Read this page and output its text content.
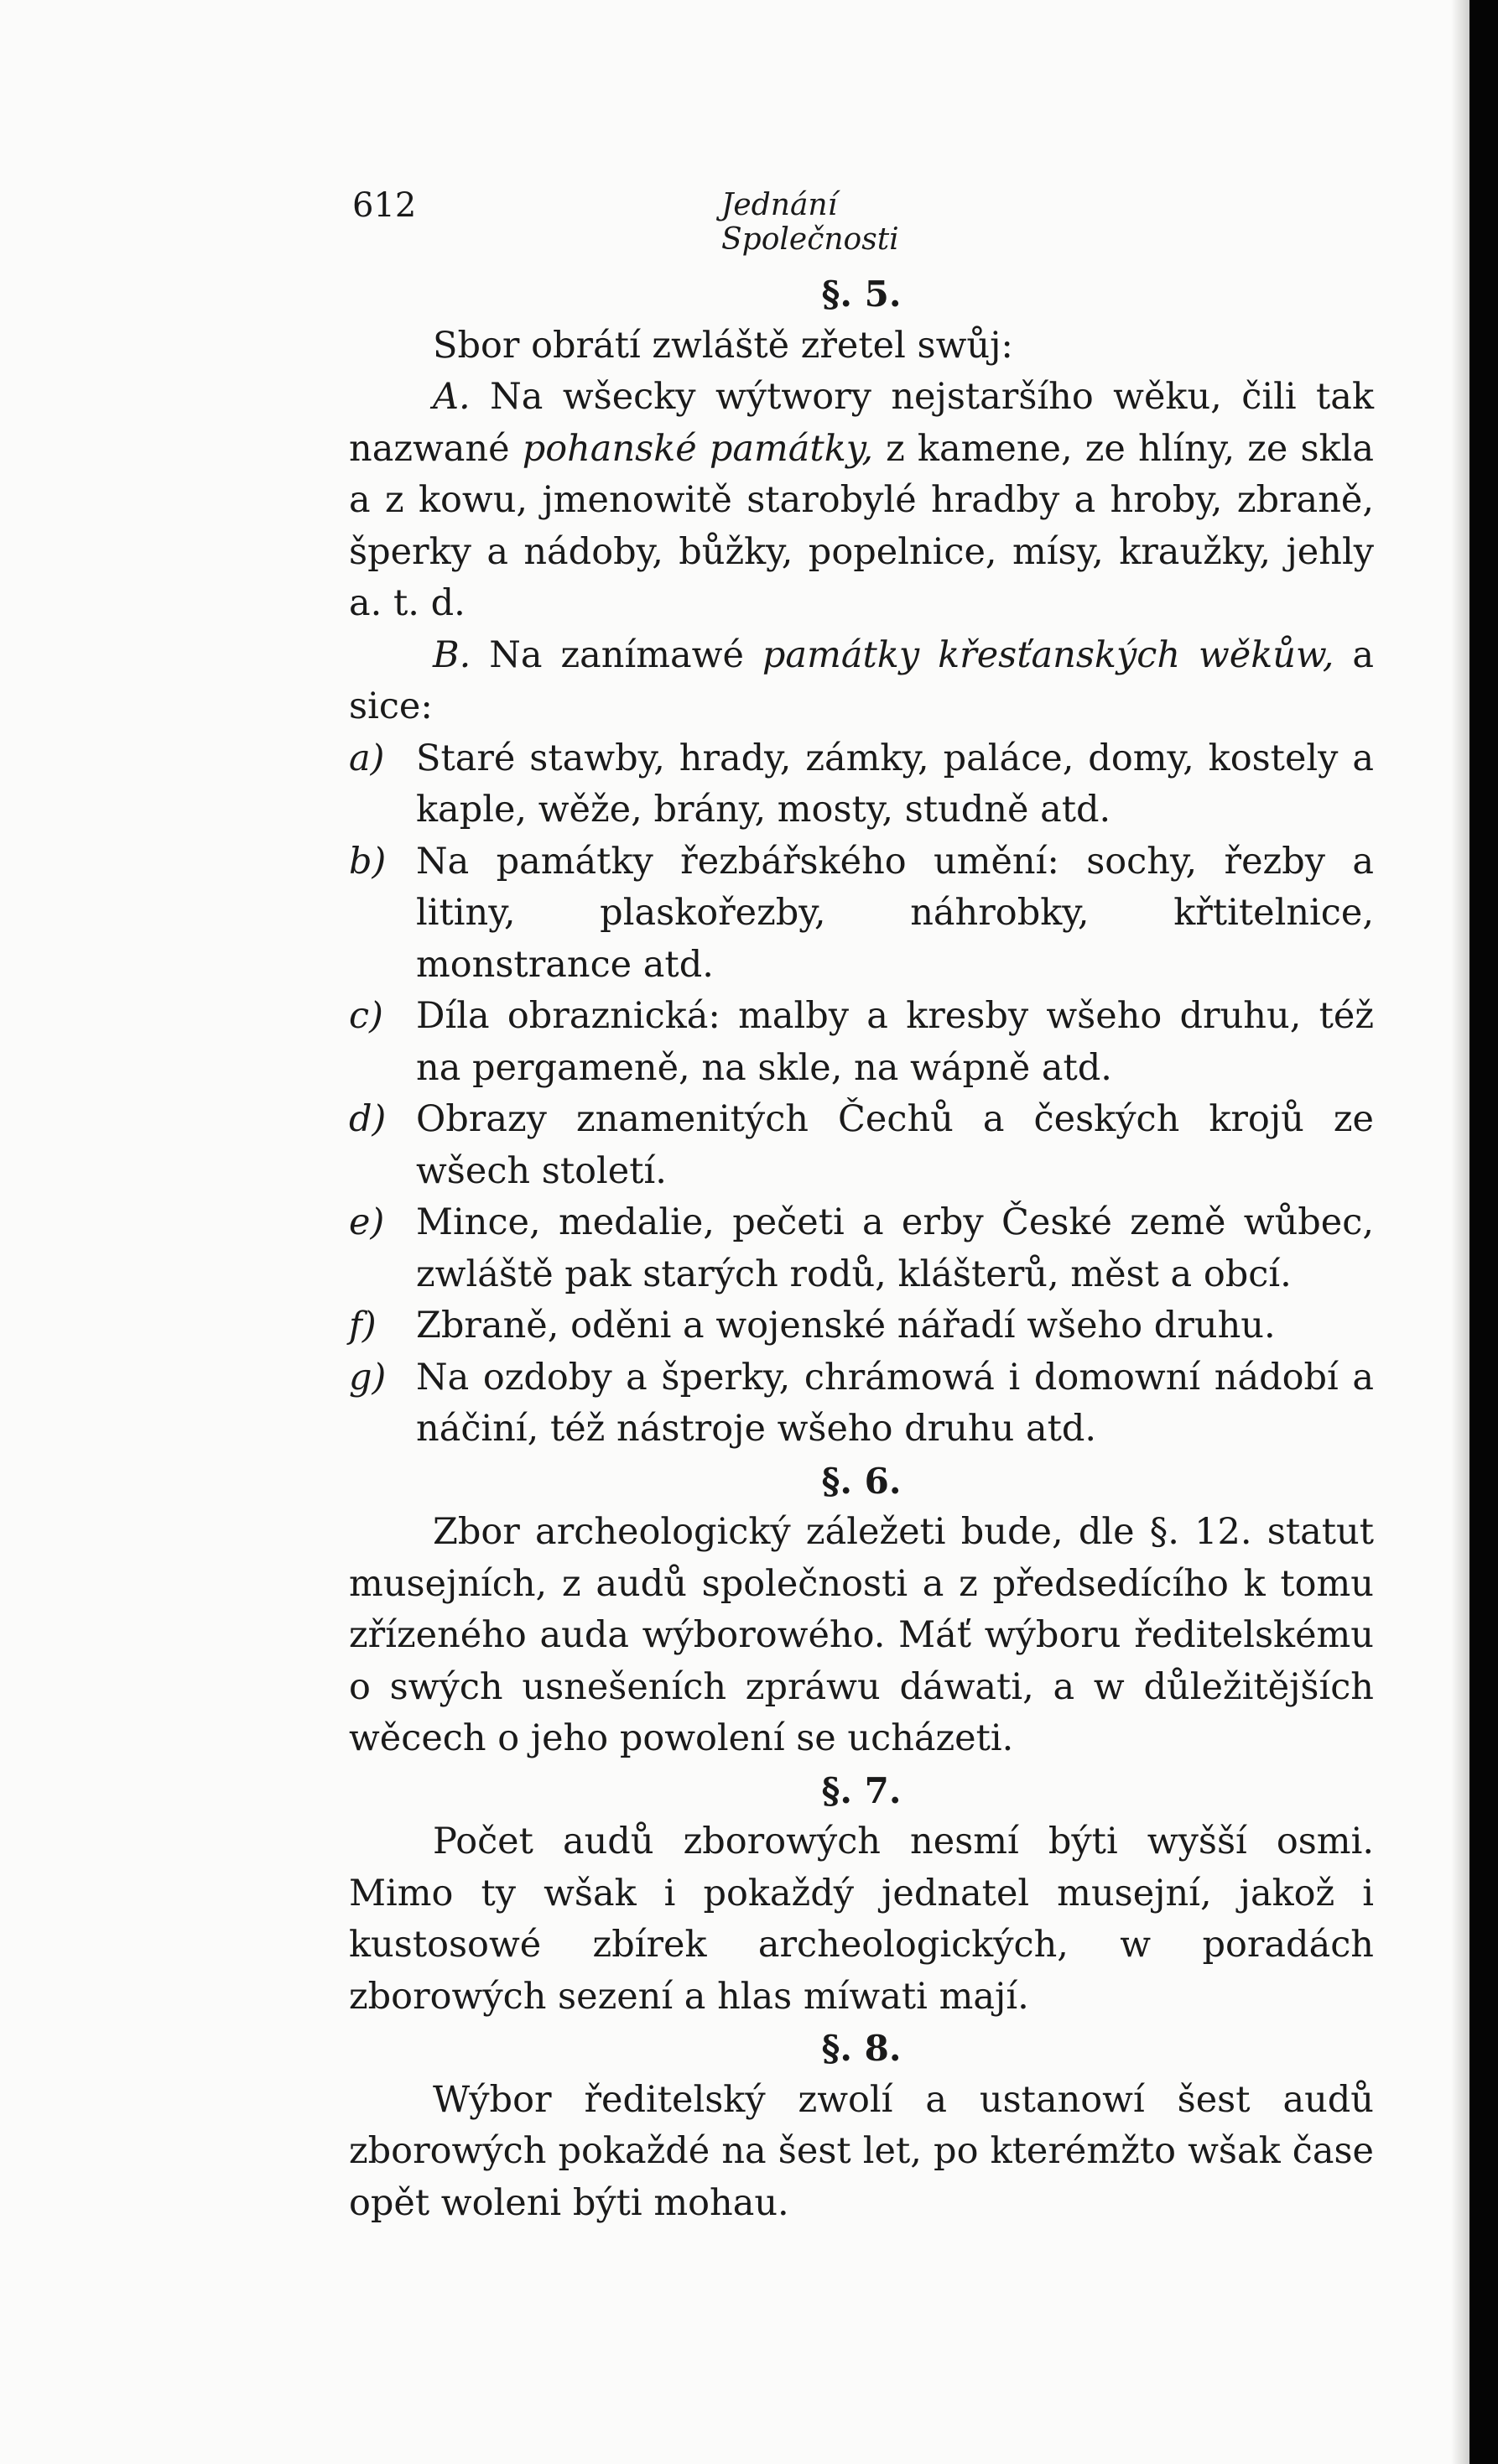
612	Jednání Společnosti

§. 5.

Sbor obrátí zwláště zřetel swůj:

A. Na wšecky wýtwory nejstaršího wěku, čili tak nazwané pohanské památky, z kamene, ze hlíny, ze skla a z kowu, jmenowitě starobylé hradby a hroby, zbraně, šperky a nádoby, bůžky, popelnice, mísy, kraužky, jehly a. t. d.

B. Na zanímawé památky křesťanských wěkůw, a sice:

a) Staré stawby, hrady, zámky, paláce, domy, kostely a kaple, wěže, brány, mosty, studně atd.

b) Na památky řezbářského umění: sochy, řezby a litiny, plaskořezby, náhrobky, křtitelnice, monstrance atd.

c) Díla obraznická: malby a kresby wšeho druhu, též na pergameně, na skle, na wápně atd.

d) Obrazy znamenitých Čechů a českých krojů ze wšech století.

e) Mince, medalie, pečeti a erby České země wůbec, zwláště pak starých rodů, klášterů, měst a obcí.

f) Zbraně, oděni a wojenské nářadí wšeho druhu.

g) Na ozdoby a šperky, chrámowá i domowní nádobí a náčiní, též nástroje wšeho druhu atd.

§. 6.

Zbor archeologický záležeti bude, dle §. 12. statut musejních, z audů společnosti a z předsedícího k tomu zřízeného auda wýborowého. Máť wýboru ředitelskému o swých usnešeních zpráwu dáwati, a w důležitějších wěcech o jeho powolení se ucházeti.

§. 7.

Počet audů zborowých nesmí býti wyšší osmi. Mimo ty wšak i pokaždý jednatel musejní, jakož i kustosowé zbírek archeologických, w poradách zborowých sezení a hlas míwati mají.

§. 8.

Wýbor ředitelský zwolí a ustanowí šest audů zborowých pokaždé na šest let, po kterémžto wšak čase opět woleni býti mohau.
